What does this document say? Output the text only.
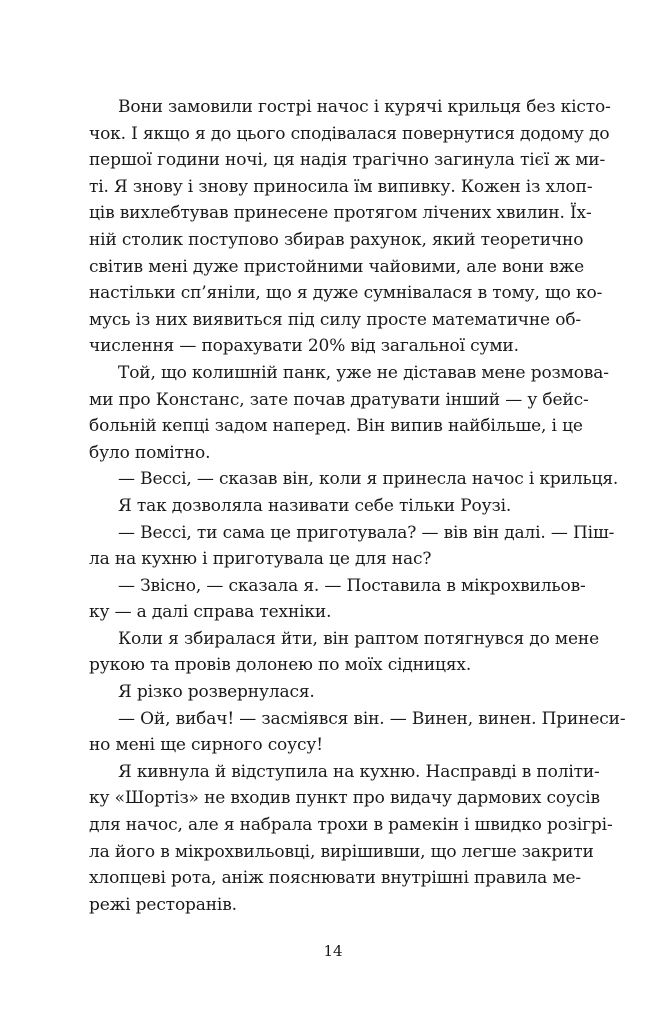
Вони замовили гострі начос і курячі крильця без кісто-
чок. І якщо я до цього сподівалася повернутися додому до
першої години ночі, ця надія трагічно загинула тієї ж ми-
ті. Я знову і знову приносила їм випивку. Кожен із хлоп-
ців вихлебтував принесене протягом лічених хвилин. Їх-
ній столик поступово збирав рахунок, який теоретично
світив мені дуже пристойними чайовими, але вони вже
настільки сп’яніли, що я дуже сумнівалася в тому, що ко-
мусь із них виявиться під силу просте математичне об-
числення — порахувати 20% від загальної суми.
Той, що колишній панк, уже не діставав мене розмова-
ми про Констанс, зате почав дратувати інший — у бейс-
больній кепці задом наперед. Він випив найбільше, і це
було помітно.
— Вессі, — сказав він, коли я принесла начос і крильця.
Я так дозволяла називати себе тільки Роузі.
— Вессі, ти сама це приготувала? — вів він далі. — Піш-
ла на кухню і приготувала це для нас?
— Звісно, — сказала я. — Поставила в мікрохвильов-
ку — а далі справа техніки.
Коли я збиралася йти, він раптом потягнувся до мене
рукою та провів долонею по моїх сідницях.
Я різко розвернулася.
— Ой, вибач! — засміявся він. — Винен, винен. Принеси-
но мені ще сирного соусу!
Я кивнула й відступила на кухню. Насправді в політи-
ку «Шортіз» не входив пункт про видачу дармових соусів
для начос, але я набрала трохи в рамекін і швидко розігрі-
ла його в мікрохвильовці, вирішивши, що легше закрити
хлопцеві рота, аніж пояснювати внутрішні правила ме-
режі ресторанів.
14
